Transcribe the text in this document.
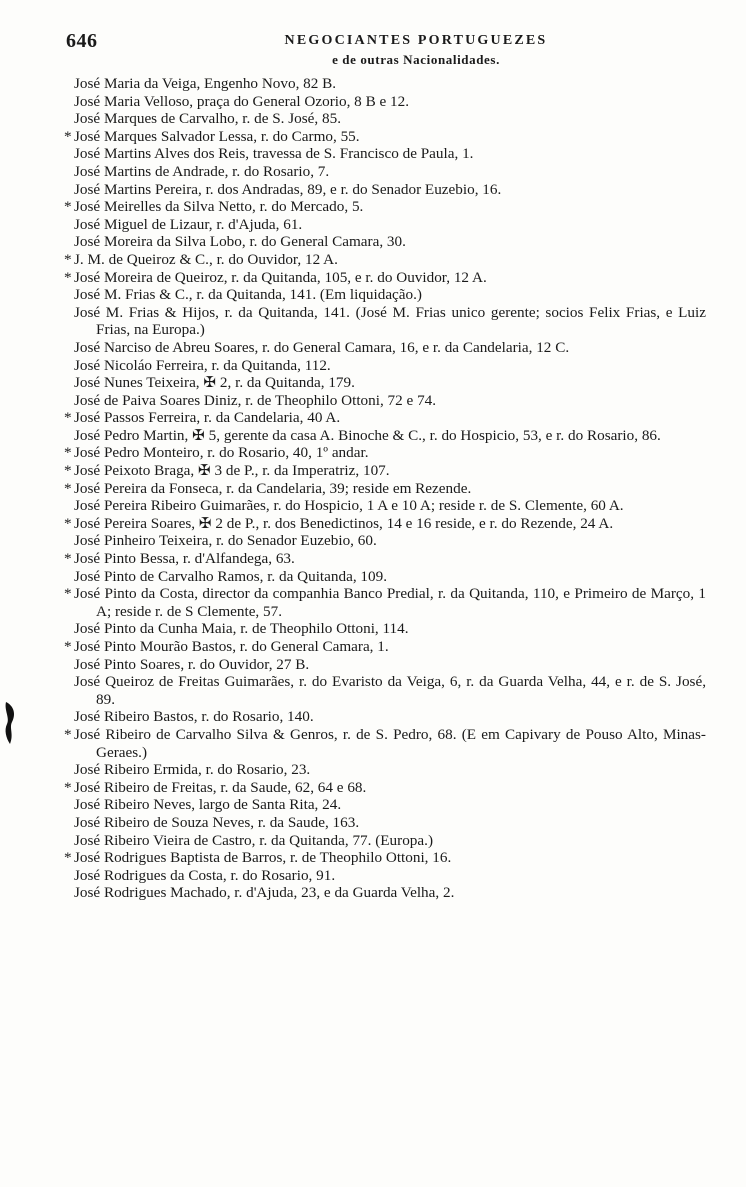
646	NEGOCIANTES PORTUGUEZES
e de outras Nacionalidades.
José Maria da Veiga, Engenho Novo, 82 B.
José Maria Velloso, praça do General Ozorio, 8 B e 12.
José Marques de Carvalho, r. de S. José, 85.
* José Marques Salvador Lessa, r. do Carmo, 55.
José Martins Alves dos Reis, travessa de S. Francisco de Paula, 1.
José Martins de Andrade, r. do Rosario, 7.
José Martins Pereira, r. dos Andradas, 89, e r. do Senador Euzebio, 16.
* José Meirelles da Silva Netto, r. do Mercado, 5.
José Miguel de Lizaur, r. d'Ajuda, 61.
José Moreira da Silva Lobo, r. do General Camara, 30.
* J. M. de Queiroz & C., r. do Ouvidor, 12 A.
* José Moreira de Queiroz, r. da Quitanda, 105, e r. do Ouvidor, 12 A.
José M. Frias & C., r. da Quitanda, 141. (Em liquidação.)
José M. Frias & Hijos, r. da Quitanda, 141. (José M. Frias unico gerente; socios Felix Frias, e Luiz Frias, na Europa.)
José Narciso de Abreu Soares, r. do General Camara, 16, e r. da Candelaria, 12 C.
José Nicoláo Ferreira, r. da Quitanda, 112.
José Nunes Teixeira, ✠ 2, r. da Quitanda, 179.
José de Paiva Soares Diniz, r. de Theophilo Ottoni, 72 e 74.
* José Passos Ferreira, r. da Candelaria, 40 A.
José Pedro Martin, ✠ 5, gerente da casa A. Binoche & C., r. do Hospicio, 53, e r. do Rosario, 86.
* José Pedro Monteiro, r. do Rosario, 40, 1º andar.
* José Peixoto Braga, ✠ 3 de P., r. da Imperatriz, 107.
* José Pereira da Fonseca, r. da Candelaria, 39; reside em Rezende.
José Pereira Ribeiro Guimarães, r. do Hospicio, 1 A e 10 A; reside r. de S. Clemente, 60 A.
* José Pereira Soares, ✠ 2 de P., r. dos Benedictinos, 14 e 16 reside, e r. do Rezende, 24 A.
José Pinheiro Teixeira, r. do Senador Euzebio, 60.
* José Pinto Bessa, r. d'Alfandega, 63.
José Pinto de Carvalho Ramos, r. da Quitanda, 109.
* José Pinto da Costa, director da companhia Banco Predial, r. da Quitanda, 110, e Primeiro de Março, 1 A; reside r. de S Clemente, 57.
José Pinto da Cunha Maia, r. de Theophilo Ottoni, 114.
* José Pinto Mourão Bastos, r. do General Camara, 1.
José Pinto Soares, r. do Ouvidor, 27 B.
José Queiroz de Freitas Guimarães, r. do Evaristo da Veiga, 6, r. da Guarda Velha, 44, e r. de S. José, 89.
José Ribeiro Bastos, r. do Rosario, 140.
* José Ribeiro de Carvalho Silva & Genros, r. de S. Pedro, 68. (E em Capivary de Pouso Alto, Minas-Geraes.)
José Ribeiro Ermida, r. do Rosario, 23.
* José Ribeiro de Freitas, r. da Saude, 62, 64 e 68.
José Ribeiro Neves, largo de Santa Rita, 24.
José Ribeiro de Souza Neves, r. da Saude, 163.
José Ribeiro Vieira de Castro, r. da Quitanda, 77. (Europa.)
* José Rodrigues Baptista de Barros, r. de Theophilo Ottoni, 16.
José Rodrigues da Costa, r. do Rosario, 91.
José Rodrigues Machado, r. d'Ajuda, 23, e da Guarda Velha, 2.
